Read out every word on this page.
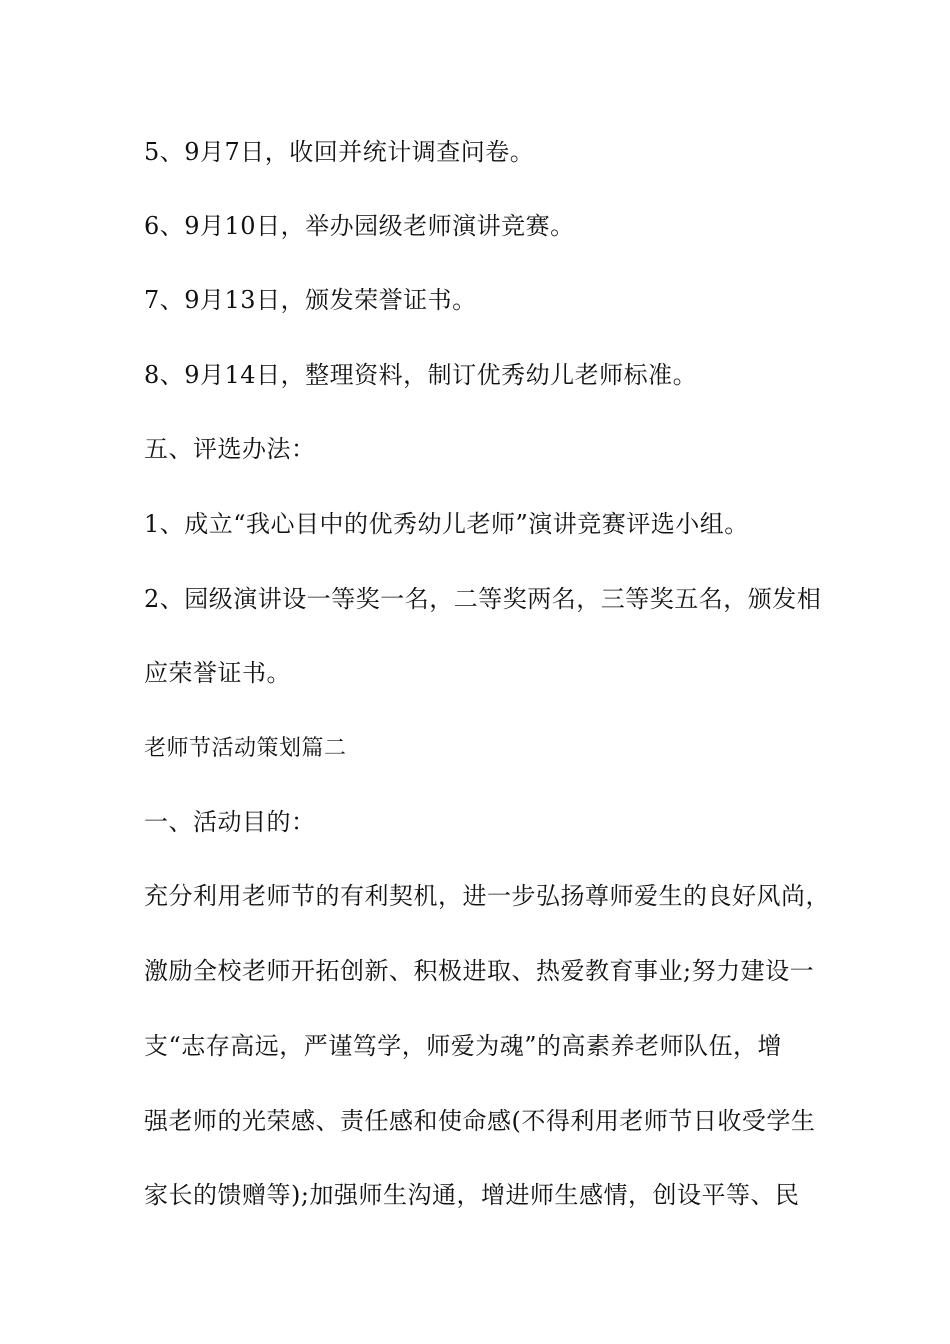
5、9月7日，收回并统计调查问卷。
6、9月10日，举办园级老师演讲竞赛。
7、9月13日，颁发荣誉证书。
8、9月14日，整理资料，制订优秀幼儿老师标准。
五、评选办法：
1、成立“我心目中的优秀幼儿老师”演讲竞赛评选小组。
2、园级演讲设一等奖一名，二等奖两名，三等奖五名，颁发相
应荣誉证书。
老师节活动策划篇二
一、活动目的：
充分利用老师节的有利契机，进一步弘扬尊师爱生的良好风尚，
激励全校老师开拓创新、积极进取、热爱教育事业;努力建设一
支“志存高远，严谨笃学，师爱为魂”的高素养老师队伍，增
强老师的光荣感、责任感和使命感(不得利用老师节日收受学生
家长的馈赠等);加强师生沟通，增进师生感情，创设平等、民
